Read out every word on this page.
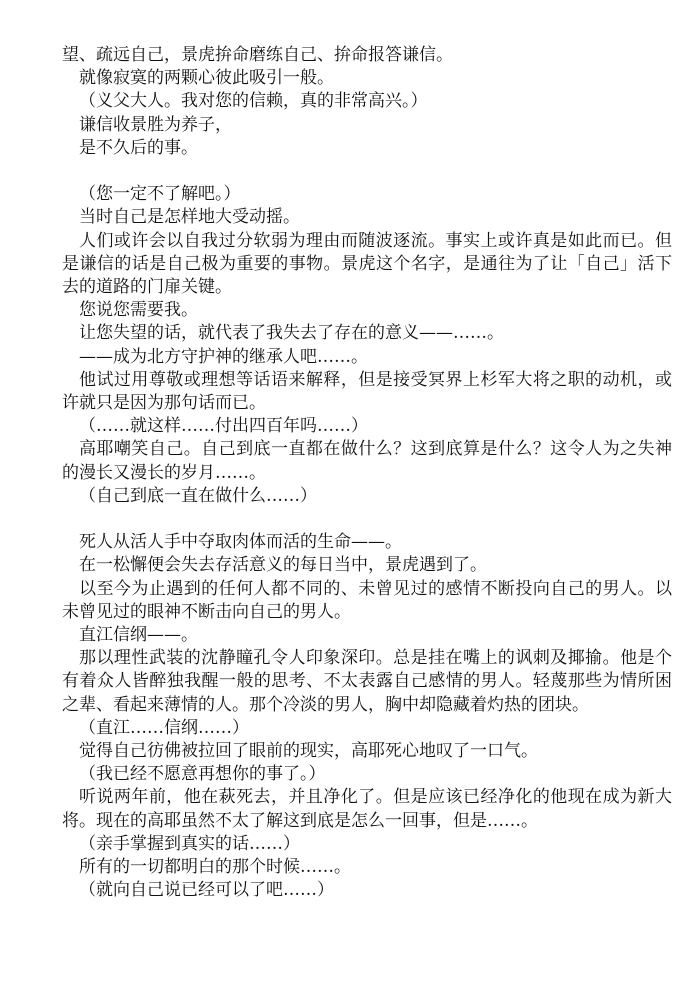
望、疏远自己，景虎拚命磨练自己、拚命报答谦信。

就像寂寞的两颗心彼此吸引一般。

（义父大人。我对您的信赖，真的非常高兴。）

谦信收景胜为养子，

是不久后的事。

（您一定不了解吧。）

当时自己是怎样地大受动摇。

人们或许会以自我过分软弱为理由而随波逐流。事实上或许真是如此而已。但是谦信的话是自己极为重要的事物。景虎这个名字，是通往为了让「自己」活下去的道路的门扉关键。

您说您需要我。

让您失望的话，就代表了我失去了存在的意义——……。

——成为北方守护神的继承人吧……。

他试过用尊敬或理想等话语来解释，但是接受冥界上杉军大将之职的动机，或许就只是因为那句话而已。

（……就这样……付出四百年吗……）

高耶嘲笑自己。自己到底一直都在做什么？这到底算是什么？这令人为之失神的漫长又漫长的岁月……。

（自己到底一直在做什么……）

死人从活人手中夺取肉体而活的生命——。

在一松懈便会失去存活意义的每日当中，景虎遇到了。

以至今为止遇到的任何人都不同的、未曾见过的感情不断投向自己的男人。以未曾见过的眼神不断击向自己的男人。

直江信纲——。

那以理性武装的沈静瞳孔令人印象深印。总是挂在嘴上的讽刺及揶揄。他是个有着众人皆醉独我醒一般的思考、不太表露自己感情的男人。轻蔑那些为情所困之辈、看起来薄情的人。那个冷淡的男人，胸中却隐藏着灼热的团块。

（直江……信纲……）

觉得自己彷佛被拉回了眼前的现实，高耶死心地叹了一口气。

（我已经不愿意再想你的事了。）

听说两年前，他在萩死去，并且净化了。但是应该已经净化的他现在成为新大将。现在的高耶虽然不太了解这到底是怎么一回事，但是……。

（亲手掌握到真实的话……）

所有的一切都明白的那个时候……。

（就向自己说已经可以了吧……）
